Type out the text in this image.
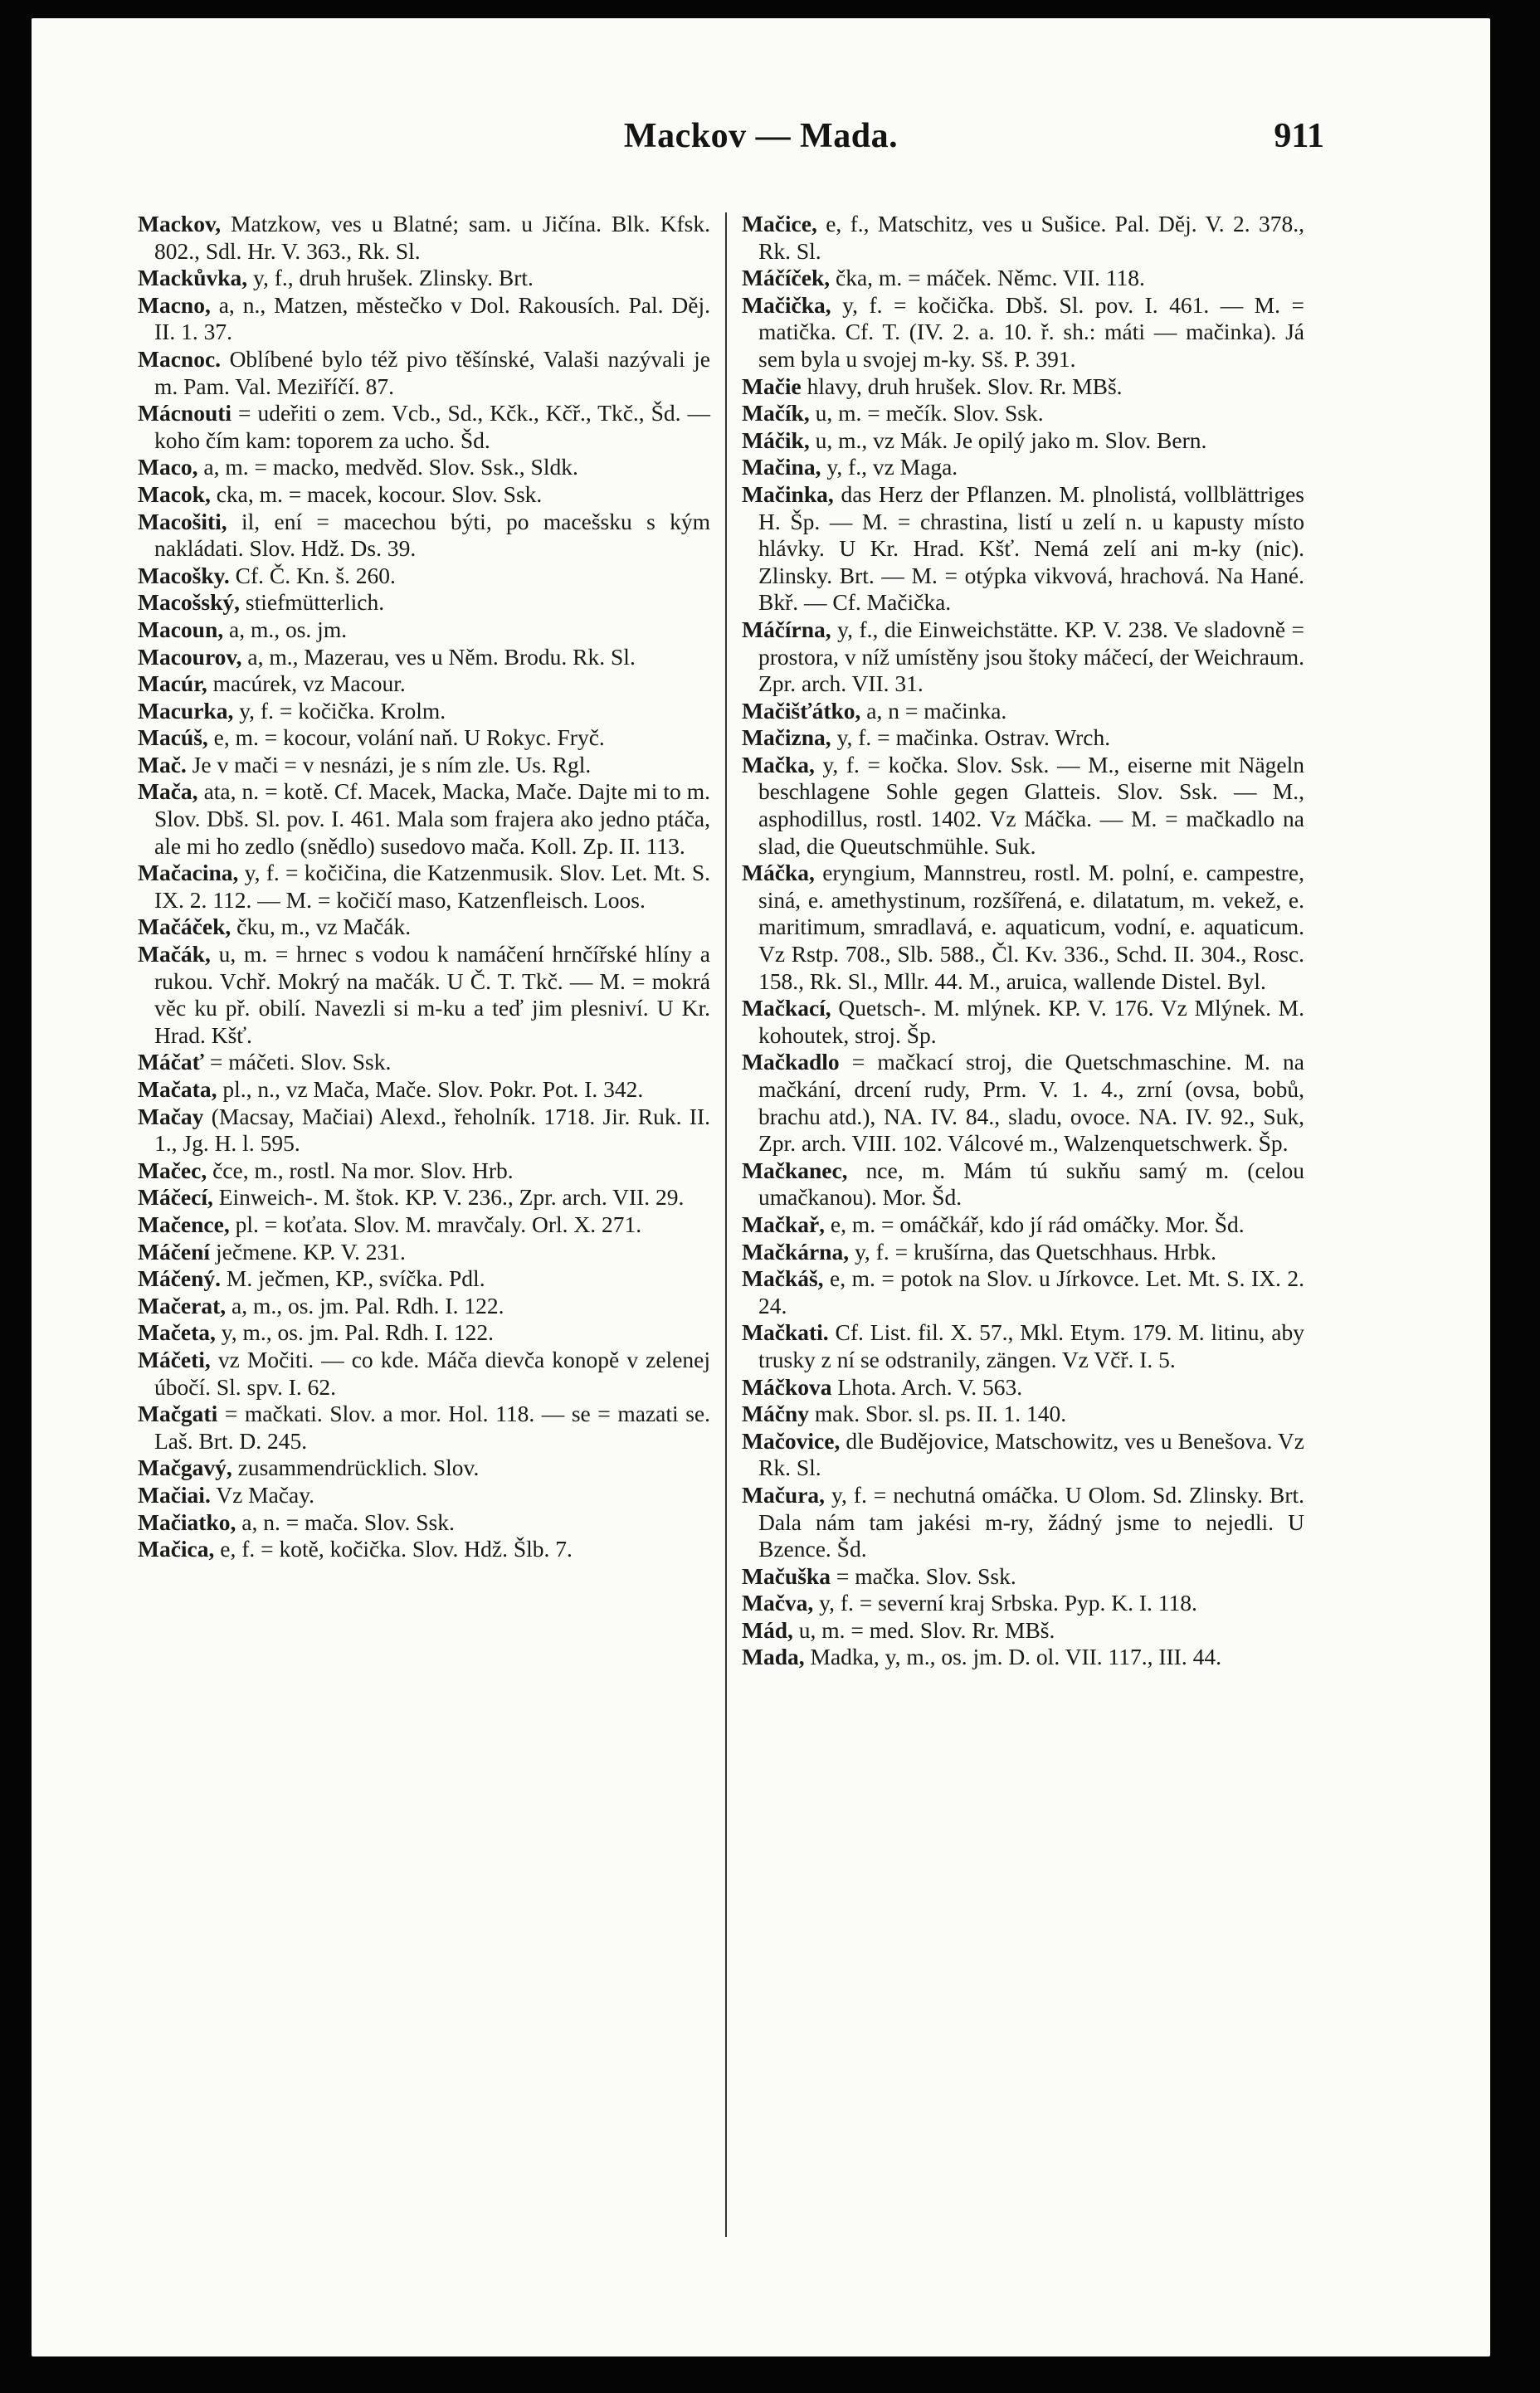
Mackov — Mada.	911

Mackov, Matzkow, ves u Blatné; sam. u Jičína. Blk. Kfsk. 802., Sdl. Hr. V. 363., Rk. Sl.

Mackůvka, y, f., druh hrušek. Zlinsky. Brt.

Macno, a, n., Matzen, městečko v Dol. Rakousích. Pal. Děj. II. 1. 37.

Macnoc. Oblíbené bylo též pivo těšínské, Valaši nazývali je m. Pam. Val. Meziříčí. 87.

Mácnouti = udeřiti o zem. Vcb., Sd., Kčk., Kčř., Tkč., Šd. — koho čím kam: toporem za ucho. Šd.

Maco, a, m. = macko, medvěd. Slov. Ssk., Sldk.

Macok, cka, m. = macek, kocour. Slov. Ssk.

Macošiti, il, ení = macechou býti, po macešsku s kým nakládati. Slov. Hdž. Ds. 39.

Macošky. Cf. Č. Kn. š. 260.

Macošský, stiefmütterlich.

Macoun, a, m., os. jm.

Macourov, a, m., Mazerau, ves u Něm. Brodu. Rk. Sl.

Macúr, macúrek, vz Macour.

Macurka, y, f. = kočička. Krolm.

Macúš, e, m. = kocour, volání naň. U Rokyc. Fryč.

Mač. Je v mači = v nesnázi, je s ním zle. Us. Rgl.

Mača, ata, n. = kotě. Cf. Macek, Macka, Mače. Dajte mi to m. Slov. Dbš. Sl. pov. I. 461. Mala som frajera ako jedno ptáča, ale mi ho zedlo (snědlo) susedovo mača. Koll. Zp. II. 113.

Mačacina, y, f. = kočičina, die Katzenmusik. Slov. Let. Mt. S. IX. 2. 112. — M. = kočičí maso, Katzenfleisch. Loos.

Mačáček, čku, m., vz Mačák.

Mačák, u, m. = hrnec s vodou k namáčení hrnčířské hlíny a rukou. Vchř. Mokrý na mačák. U Č. T. Tkč. — M. = mokrá věc ku př. obilí. Navezli si m-ku a teď jim plesniví. U Kr. Hrad. Kšť.

Máčať = máčeti. Slov. Ssk.

Mačata, pl., n., vz Mača, Mače. Slov. Pokr. Pot. I. 342.

Mačay (Macsay, Mačiai) Alexd., řeholník. 1718. Jir. Ruk. II. 1., Jg. H. l. 595.

Mačec, čce, m., rostl. Na mor. Slov. Hrb.

Máčecí, Einweich-. M. štok. KP. V. 236., Zpr. arch. VII. 29.

Mačence, pl. = koťata. Slov. M. mravčaly. Orl. X. 271.

Máčení ječmene. KP. V. 231.

Máčený. M. ječmen, KP., svíčka. Pdl.

Mačerat, a, m., os. jm. Pal. Rdh. I. 122.

Mačeta, y, m., os. jm. Pal. Rdh. I. 122.

Máčeti, vz Močiti. — co kde. Máča dievča konopě v zelenej úbočí. Sl. spv. I. 62.

Mačgati = mačkati. Slov. a mor. Hol. 118. — se = mazati se. Laš. Brt. D. 245.

Mačgavý, zusammendrücklich. Slov.

Mačiai. Vz Mačay.

Mačiatko, a, n. = mača. Slov. Ssk.

Mačica, e, f. = kotě, kočička. Slov. Hdž. Šlb. 7.

Mačice, e, f., Matschitz, ves u Sušice. Pal. Děj. V. 2. 378., Rk. Sl.

Máčíček, čka, m. = máček. Němc. VII. 118.

Mačička, y, f. = kočička. Dbš. Sl. pov. I. 461. — M. = matička. Cf. T. (IV. 2. a. 10. ř. sh.: máti — mačinka). Já sem byla u svojej m-ky. Sš. P. 391.

Mačie hlavy, druh hrušek. Slov. Rr. MBš.

Mačík, u, m. = mečík. Slov. Ssk.

Máčik, u, m., vz Mák. Je opilý jako m. Slov. Bern.

Mačina, y, f., vz Maga.

Mačinka, das Herz der Pflanzen. M. plnolistá, vollblättriges H. Šp. — M. = chrastina, listí u zelí n. u kapusty místo hlávky. U Kr. Hrad. Kšť. Nemá zelí ani m-ky (nic). Zlinsky. Brt. — M. = otýpka vikvová, hrachová. Na Hané. Bkř. — Cf. Mačička.

Máčírna, y, f., die Einweichstätte. KP. V. 238. Ve sladovně = prostora, v níž umístěny jsou štoky máčecí, der Weichraum. Zpr. arch. VII. 31.

Mačišťátko, a, n = mačinka.

Mačizna, y, f. = mačinka. Ostrav. Wrch.

Mačka, y, f. = kočka. Slov. Ssk. — M., eiserne mit Nägeln beschlagene Sohle gegen Glatteis. Slov. Ssk. — M., asphodillus, rostl. 1402. Vz Máčka. — M. = mačkadlo na slad, die Queutschmühle. Suk.

Máčka, eryngium, Mannstreu, rostl. M. polní, e. campestre, siná, e. amethystinum, rozšířená, e. dilatatum, m. vekež, e. maritimum, smradlavá, e. aquaticum, vodní, e. aquaticum. Vz Rstp. 708., Slb. 588., Čl. Kv. 336., Schd. II. 304., Rosc. 158., Rk. Sl., Mllr. 44. M., aruica, wallende Distel. Byl.

Mačkací, Quetsch-. M. mlýnek. KP. V. 176. Vz Mlýnek. M. kohoutek, stroj. Šp.

Mačkadlo = mačkací stroj, die Quetschmaschine. M. na mačkání, drcení rudy, Prm. V. 1. 4., zrní (ovsa, bobů, brachu atd.), NA. IV. 84., sladu, ovoce. NA. IV. 92., Suk, Zpr. arch. VIII. 102. Válcové m., Walzenquetschwerk. Šp.

Mačkanec, nce, m. Mám tú sukňu samý m. (celou umačkanou). Mor. Šd.

Mačkař, e, m. = omáčkář, kdo jí rád omáčky. Mor. Šd.

Mačkárna, y, f. = krušírna, das Quetschhaus. Hrbk.

Mačkáš, e, m. = potok na Slov. u Jírkovce. Let. Mt. S. IX. 2. 24.

Mačkati. Cf. List. fil. X. 57., Mkl. Etym. 179. M. litinu, aby trusky z ní se odstranily, zängen. Vz Včř. I. 5.

Máčkova Lhota. Arch. V. 563.

Máčny mak. Sbor. sl. ps. II. 1. 140.

Mačovice, dle Budějovice, Matschowitz, ves u Benešova. Vz Rk. Sl.

Mačura, y, f. = nechutná omáčka. U Olom. Sd. Zlinsky. Brt. Dala nám tam jakési m-ry, žádný jsme to nejedli. U Bzence. Šd.

Mačuška = mačka. Slov. Ssk.

Mačva, y, f. = severní kraj Srbska. Pyp. K. I. 118.

Mád, u, m. = med. Slov. Rr. MBš.

Mada, Madka, y, m., os. jm. D. ol. VII. 117., III. 44.
